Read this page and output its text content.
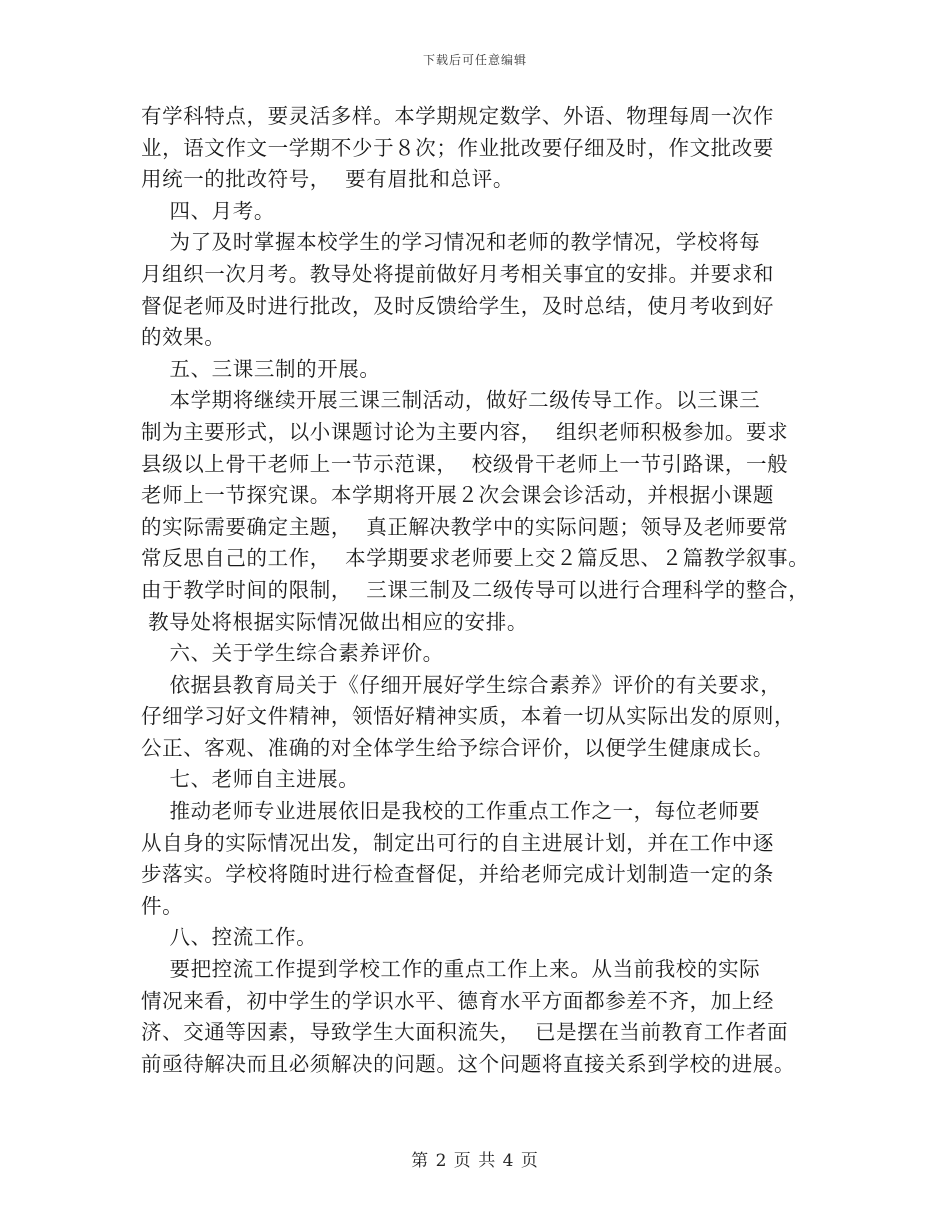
下载后可任意编辑
有学科特点，要灵活多样。本学期规定数学、外语、物理每周一次作
业，语文作文一学期不少于８次；作业批改要仔细及时，作文批改要
用统一的批改符号，  要有眉批和总评。
四、月考。
为了及时掌握本校学生的学习情况和老师的教学情况，学校将每
月组织一次月考。教导处将提前做好月考相关事宜的安排。并要求和
督促老师及时进行批改，及时反馈给学生，及时总结，使月考收到好
的效果。
五、三课三制的开展。
本学期将继续开展三课三制活动，做好二级传导工作。以三课三
制为主要形式，以小课题讨论为主要内容，  组织老师积极参加。要求
县级以上骨干老师上一节示范课，  校级骨干老师上一节引路课，一般
老师上一节探究课。本学期将开展２次会课会诊活动，并根据小课题
的实际需要确定主题，  真正解决教学中的实际问题；领导及老师要常
常反思自己的工作，  本学期要求老师要上交２篇反思、２篇教学叙事。
由于教学时间的限制，  三课三制及二级传导可以进行合理科学的整合，
教导处将根据实际情况做出相应的安排。
六、关于学生综合素养评价。
依据县教育局关于《仔细开展好学生综合素养》评价的有关要求，
仔细学习好文件精神，领悟好精神实质，本着一切从实际出发的原则，
公正、客观、准确的对全体学生给予综合评价，以便学生健康成长。
七、老师自主进展。
推动老师专业进展依旧是我校的工作重点工作之一，每位老师要
从自身的实际情况出发，制定出可行的自主进展计划，并在工作中逐
步落实。学校将随时进行检查督促，并给老师完成计划制造一定的条
件。
八、控流工作。
要把控流工作提到学校工作的重点工作上来。从当前我校的实际
情况来看，初中学生的学识水平、德育水平方面都参差不齐，加上经
济、交通等因素，导致学生大面积流失，  已是摆在当前教育工作者面
前亟待解决而且必须解决的问题。这个问题将直接关系到学校的进展。
第 2 页 共 4 页
